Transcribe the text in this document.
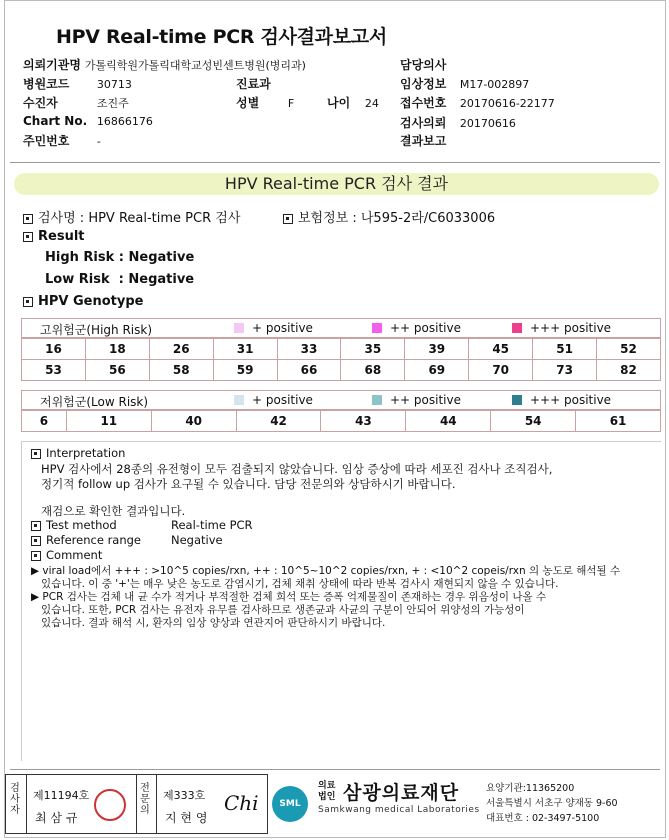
HPV Real-time PCR 검사결과보고서
의뢰기관명 가톨릭학원가톨릭대학교성빈센트병원(병리과)	담당의사
병원코드 30713	진료과	임상정보 M17-002897
수진자	조진주	성별	F	나이 24 접수번호 20170616-22177
Chart No. 16866176	검사의뢰 20170616
주민번호 -	결과보고
HPV Real-time PCR 검사 결과
검사명 : HPV Real-time PCR 검사	보험정보 : 나595-2라/C6033006
Result
High Risk : Negative
Low Risk  : Negative
HPV Genotype
고위험군(High Risk)	+ positive	++ positive	+++ positive
16	18	26	31	33	35	39	45	51	52
53	56	58	59	66	68	69	70	73	82
저위험군(Low Risk)	+ positive	++ positive	+++ positive
6	11	40	42	43	44	54	61
Interpretation
HPV 검사에서 28종의 유전형이 모두 검출되지 않았습니다. 임상 증상에 따라 세포진 검사나 조직검사,
정기적 follow up 검사가 요구될 수 있습니다. 담당 전문의와 상담하시기 바랍니다.
재검으로 확인한 결과입니다.
Test method	Real-time PCR
Reference range	Negative
Comment
▶ viral load에서 +++ : >10^5 copies/rxn, ++ : 10^5~10^2 copies/rxn, + : <10^2 copeis/rxn 의 농도로 해석될 수
있습니다. 이 중 '+'는 매우 낮은 농도로 감염시기, 검체 채취 상태에 따라 반복 검사시 재현되지 않을 수 있습니다.
▶ PCR 검사는 검체 내 균 수가 적거나 부적절한 검체 희석 또는 증폭 억제물질이 존재하는 경우 위음성이 나올 수
있습니다. 또한, PCR 검사는 유전자 유무를 검사하므로 생존균과 사균의 구분이 안되어 위양성의 가능성이
있습니다. 결과 해석 시, 환자의 임상 양상과 연관지어 판단하시기 바랍니다.
검사자
제11194호
최 삼 규
전문의
제333호
지 현 영
Chi	SML
의료법인 삼광의료재단
Samkwang medical Laboratories
요양기관:11365200
서울특별시 서초구 양재동 9-60
대표번호 : 02-3497-5100
